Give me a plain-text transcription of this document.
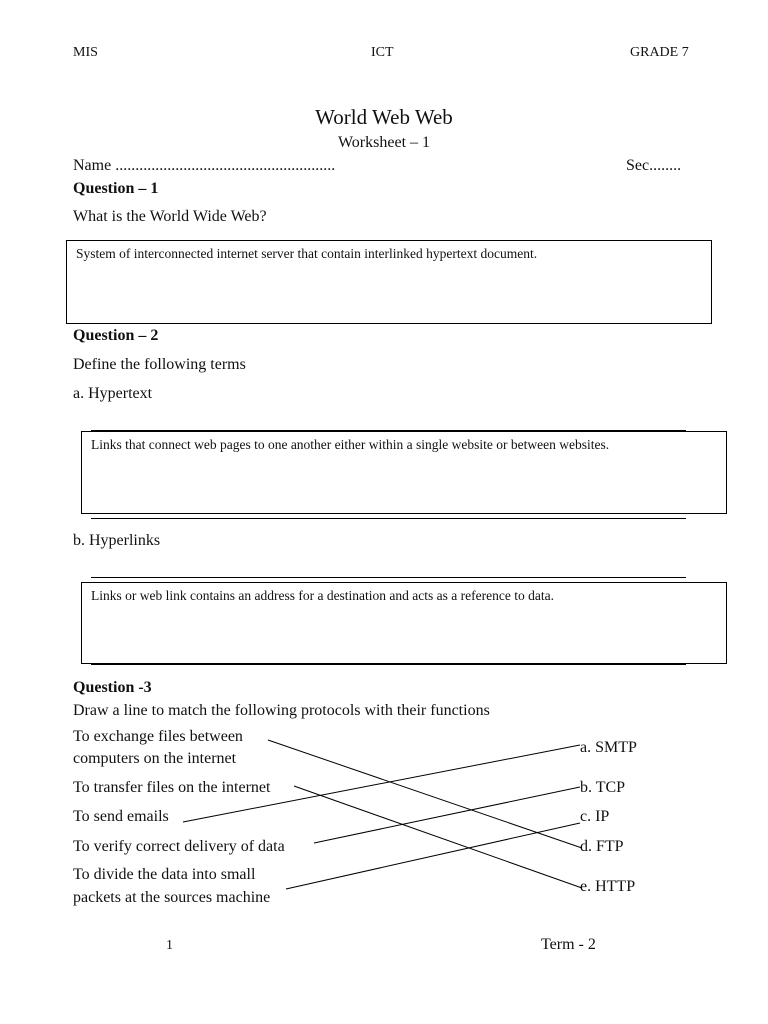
MIS	ICT	GRADE 7
World Web Web
Worksheet – 1
Name .......................................................	Sec........
Question – 1
What is the World Wide Web?
System of interconnected internet server that contain interlinked hypertext document.
Question – 2
Define the following terms
a. Hypertext
Links that connect web pages to one another either within a single website or between websites.
b. Hyperlinks
Links or web link contains an address for a destination and acts as a reference to data.
Question -3
Draw a line to match the following protocols with their functions
To exchange files between
computers on the internet
To transfer files on the internet
To send emails
To verify correct delivery of data
To divide the data into small
packets at the sources machine
a. SMTP
b. TCP
c. IP
d. FTP
e. HTTP
1	Term - 2
